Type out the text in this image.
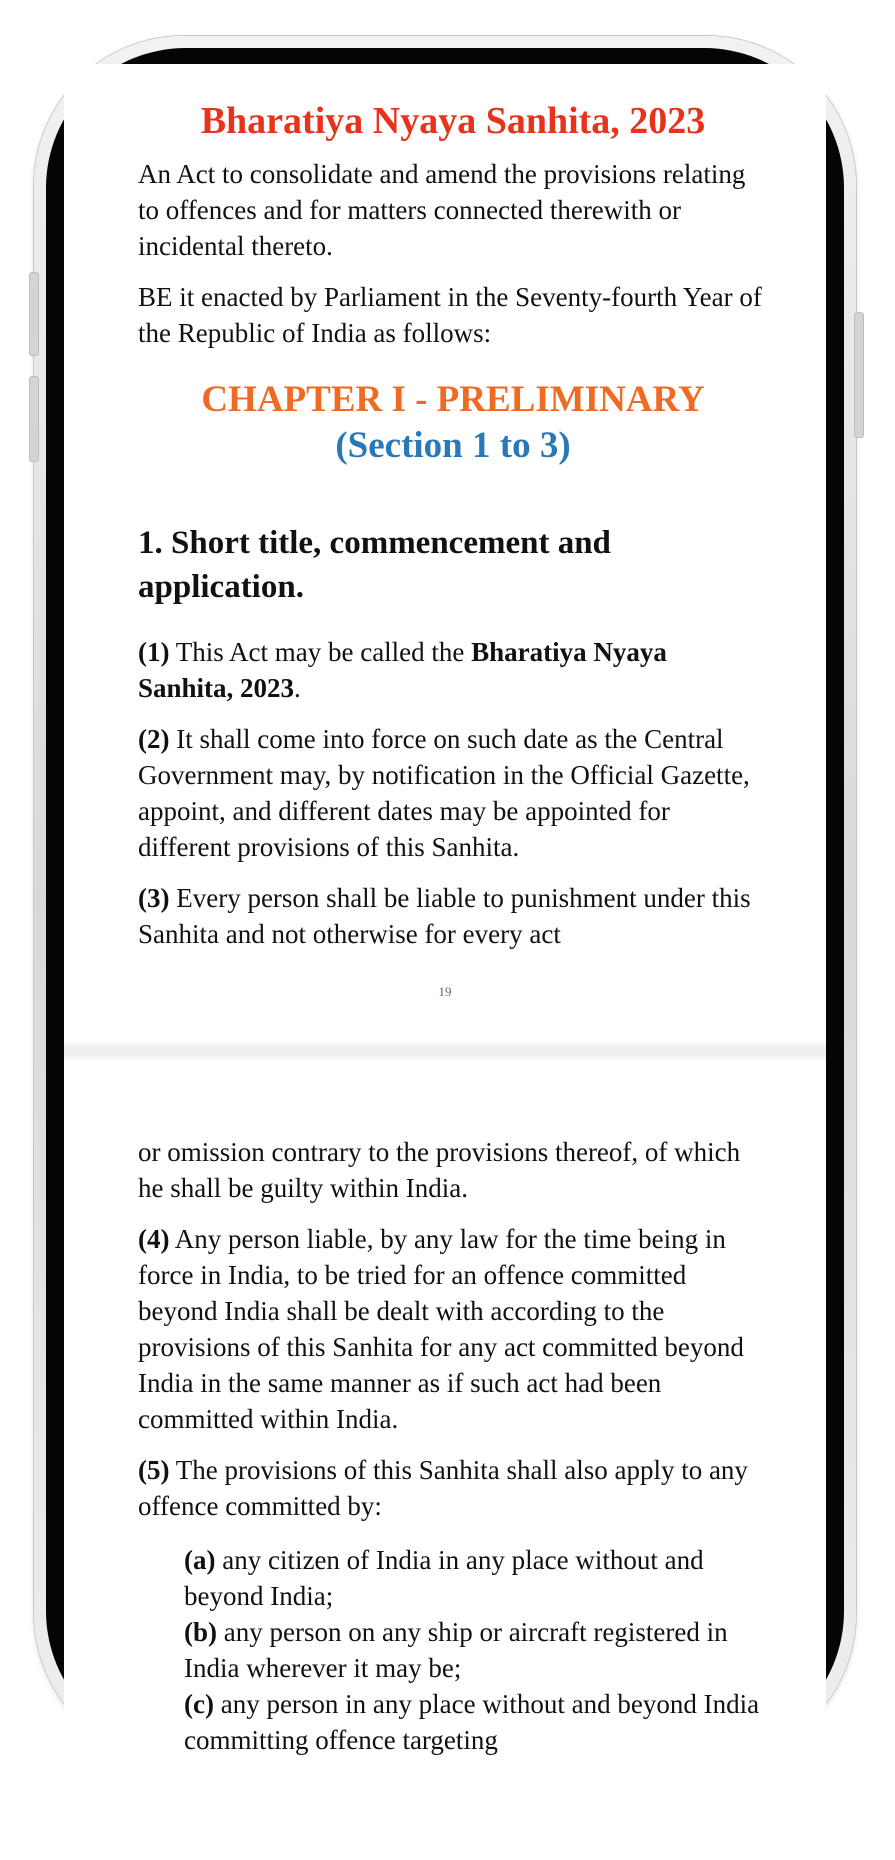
Bharatiya Nyaya Sanhita, 2023

An Act to consolidate and amend the provisions relating to offences and for matters connected therewith or incidental thereto.

BE it enacted by Parliament in the Seventy-fourth Year of the Republic of India as follows:

CHAPTER I - PRELIMINARY
(Section 1 to 3)
1. Short title, commencement and application.

(1) This Act may be called the Bharatiya Nyaya Sanhita, 2023.

(2) It shall come into force on such date as the Central Government may, by notification in the Official Gazette, appoint, and different dates may be appointed for different provisions of this Sanhita.

(3) Every person shall be liable to punishment under this Sanhita and not otherwise for every act

19

or omission contrary to the provisions thereof, of which he shall be guilty within India.

(4) Any person liable, by any law for the time being in force in India, to be tried for an offence committed beyond India shall be dealt with according to the provisions of this Sanhita for any act committed beyond India in the same manner as if such act had been committed within India.

(5) The provisions of this Sanhita shall also apply to any offence committed by:

(a) any citizen of India in any place without and beyond India;

(b) any person on any ship or aircraft registered in India wherever it may be;

(c) any person in any place without and beyond India committing offence targeting
